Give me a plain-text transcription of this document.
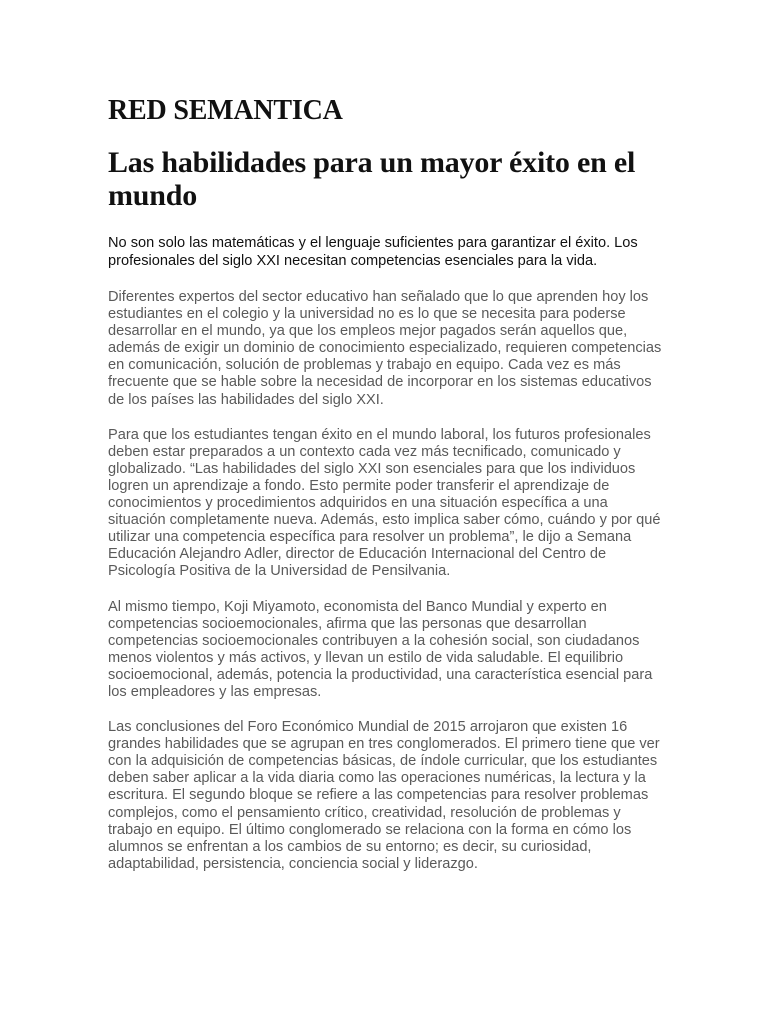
RED SEMANTICA
Las habilidades para un mayor éxito en el mundo

No son solo las matemáticas y el lenguaje suficientes para garantizar el éxito. Los profesionales del siglo XXI necesitan competencias esenciales para la vida.

Diferentes expertos del sector educativo han señalado que lo que aprenden hoy los estudiantes en el colegio y la universidad no es lo que se necesita para poderse desarrollar en el mundo, ya que los empleos mejor pagados serán aquellos que, además de exigir un dominio de conocimiento especializado, requieren competencias en comunicación, solución de problemas y trabajo en equipo. Cada vez es más frecuente que se hable sobre la necesidad de incorporar en los sistemas educativos de los países las habilidades del siglo XXI.

Para que los estudiantes tengan éxito en el mundo laboral, los futuros profesionales deben estar preparados a un contexto cada vez más tecnificado, comunicado y globalizado. “Las habilidades del siglo XXI son esenciales para que los individuos logren un aprendizaje a fondo. Esto permite poder transferir el aprendizaje de conocimientos y procedimientos adquiridos en una situación específica a una situación completamente nueva. Además, esto implica saber cómo, cuándo y por qué utilizar una competencia específica para resolver un problema”, le dijo a Semana Educación Alejandro Adler, director de Educación Internacional del Centro de Psicología Positiva de la Universidad de Pensilvania.

Al mismo tiempo, Koji Miyamoto, economista del Banco Mundial y experto en competencias socioemocionales, afirma que las personas que desarrollan competencias socioemocionales contribuyen a la cohesión social, son ciudadanos menos violentos y más activos, y llevan un estilo de vida saludable. El equilibrio socioemocional, además, potencia la productividad, una característica esencial para los empleadores y las empresas.

Las conclusiones del Foro Económico Mundial de 2015 arrojaron que existen 16 grandes habilidades que se agrupan en tres conglomerados. El primero tiene que ver con la adquisición de competencias básicas, de índole curricular, que los estudiantes deben saber aplicar a la vida diaria como las operaciones numéricas, la lectura y la escritura. El segundo bloque se refiere a las competencias para resolver problemas complejos, como el pensamiento crítico, creatividad, resolución de problemas y trabajo en equipo. El último conglomerado se relaciona con la forma en cómo los alumnos se enfrentan a los cambios de su entorno; es decir, su curiosidad, adaptabilidad, persistencia, conciencia social y liderazgo.
